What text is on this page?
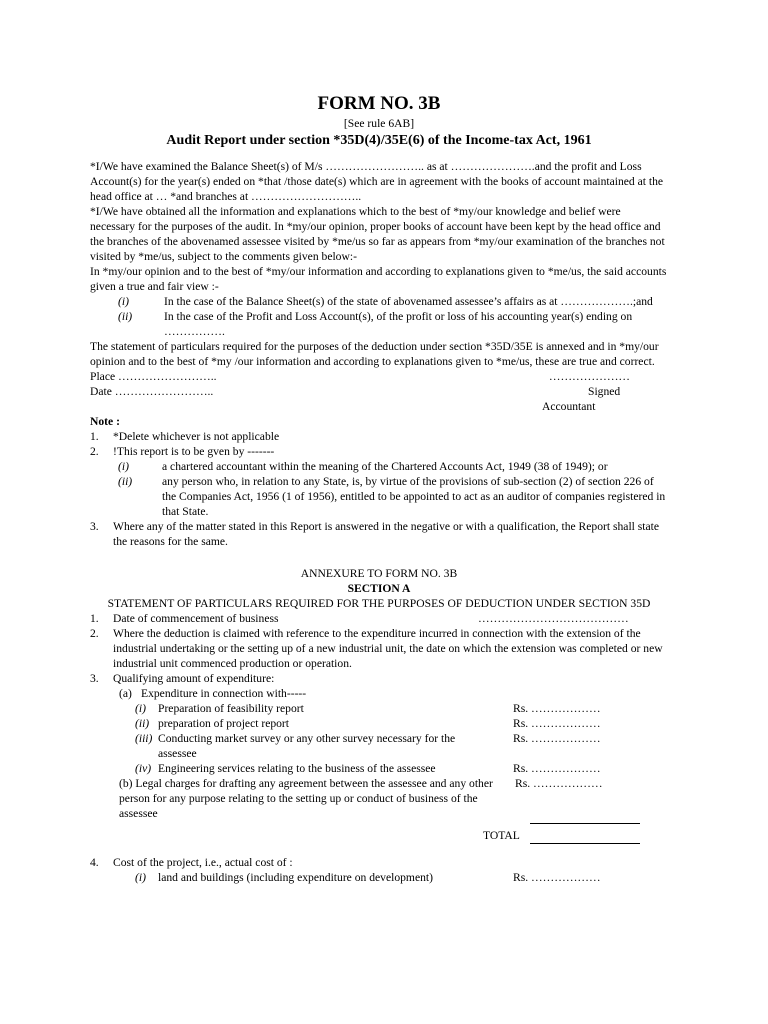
FORM NO. 3B

[See rule 6AB]

Audit Report under section *35D(4)/35E(6) of the Income-tax Act, 1961

*I/We have examined the Balance Sheet(s) of M/s …………………….. as at ………………….and the profit and Loss Account(s) for the year(s) ended on *that /those date(s) which are in agreement with the books of account maintained at the head office at … *and branches at ………………………..

*I/We have obtained all the information and explanations which to the best of *my/our knowledge and belief were necessary for the purposes of the audit. In *my/our opinion, proper books of account have been kept by the head office and the branches of the abovenamed assessee visited by *me/us so far as appears from *my/our examination of the branches not visited by *me/us, subject to the comments given below:-

In *my/our opinion and to the best of *my/our information and according to explanations given to *me/us, the said accounts given a true and fair view :-

(i)	In the case of the Balance Sheet(s) of the state of abovenamed assessee’s affairs as at ……………….;and
(ii)	In the case of the Profit and Loss Account(s), of the profit or loss of his accounting year(s) ending on …………….

The statement of particulars required for the purposes of the deduction under section *35D/35E is annexed and in *my/our opinion and to the best of *my /our information and according to explanations given to *me/us, these are true and correct.

Place ……………………..	…………………
Date ……………………..	Signed
Accountant

Note :

1.	*Delete whichever is not applicable
2.	!This report is to be gven by -------
(i)	a chartered accountant within the meaning of the Chartered Accounts Act, 1949 (38 of 1949); or
(ii)	any person who, in relation to any State, is, by virtue of the provisions of sub-section (2) of section 226 of the Companies Act, 1956 (1 of 1956), entitled to be appointed to act as an auditor of companies registered in that State.
3.	Where any of the matter stated in this Report is answered in the negative or with a qualification, the Report shall state the reasons for the same.

ANNEXURE TO FORM NO. 3B

SECTION A

STATEMENT OF PARTICULARS REQUIRED FOR THE PURPOSES OF DEDUCTION UNDER SECTION 35D

1.	Date of commencement of business	…………………………………
2.	Where the deduction is claimed with reference to the expenditure incurred in connection with the extension of the industrial undertaking or the setting up of a new industrial unit, the date on which the extension was completed or new industrial unit commenced production or operation.
3.	Qualifying amount of expenditure:
(a) Expenditure in connection with-----
(i)	Preparation of feasibility report	Rs. ………………
(ii) preparation of project report	Rs. ………………
(iii) Conducting market survey or any other survey necessary for the assessee
Rs. ………………
(iv) Engineering services relating to the business of the assessee	Rs. ………………
(b) Legal charges for drafting any agreement between the assessee and any other person for any purpose relating to the setting up or conduct of business of the assessee
Rs. ………………
TOTAL
4.	Cost of the project, i.e., actual cost of :
(i)	land and buildings (including expenditure on development)	Rs. ………………
